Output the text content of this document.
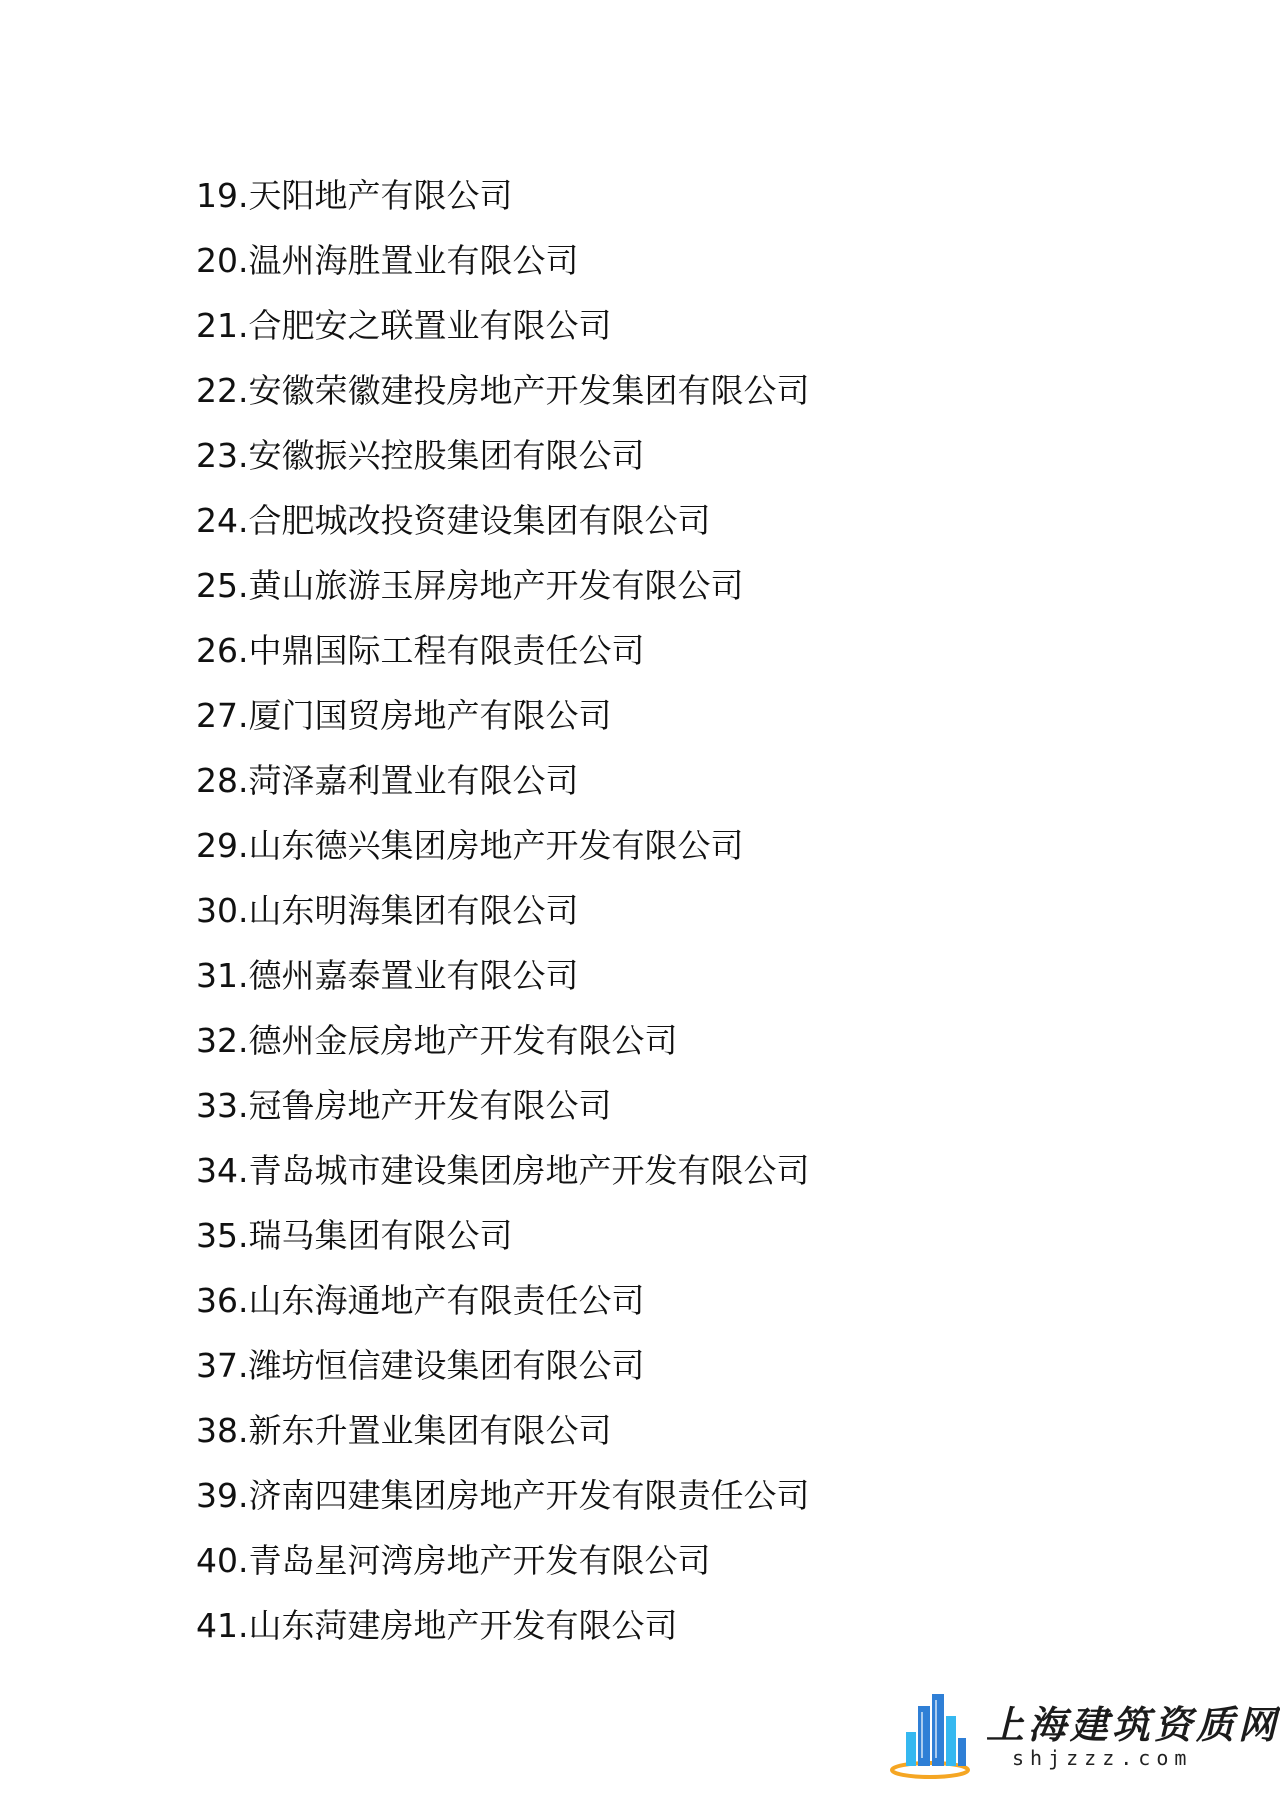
19.天阳地产有限公司
20.温州海胜置业有限公司
21.合肥安之联置业有限公司
22.安徽荣徽建投房地产开发集团有限公司
23.安徽振兴控股集团有限公司
24.合肥城改投资建设集团有限公司
25.黄山旅游玉屏房地产开发有限公司
26.中鼎国际工程有限责任公司
27.厦门国贸房地产有限公司
28.菏泽嘉利置业有限公司
29.山东德兴集团房地产开发有限公司
30.山东明海集团有限公司
31.德州嘉泰置业有限公司
32.德州金辰房地产开发有限公司
33.冠鲁房地产开发有限公司
34.青岛城市建设集团房地产开发有限公司
35.瑞马集团有限公司
36.山东海通地产有限责任公司
37.潍坊恒信建设集团有限公司
38.新东升置业集团有限公司
39.济南四建集团房地产开发有限责任公司
40.青岛星河湾房地产开发有限公司
41.山东菏建房地产开发有限公司
上海建筑资质网
shjzzz.com
